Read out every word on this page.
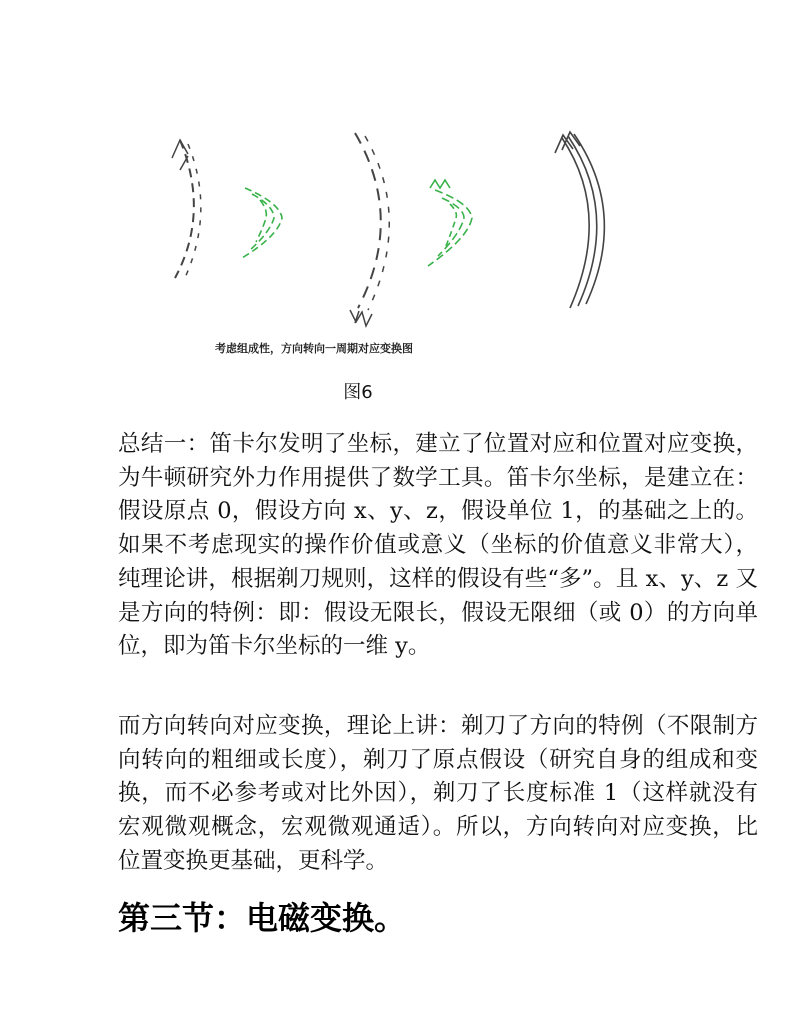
考虑组成性，方向转向一周期对应变换图
图6

总结一：笛卡尔发明了坐标，建立了位置对应和位置对应变换，为牛顿研究外力作用提供了数学工具。笛卡尔坐标，是建立在：假设原点 0，假设方向 x、y、z，假设单位 1，的基础之上的。如果不考虑现实的操作价值或意义（坐标的价值意义非常大），纯理论讲，根据剃刀规则，这样的假设有些“多”。且 x、y、z 又是方向的特例：即：假设无限长，假设无限细（或 0）的方向单位，即为笛卡尔坐标的一维 y。

而方向转向对应变换，理论上讲：剃刀了方向的特例（不限制方向转向的粗细或长度），剃刀了原点假设（研究自身的组成和变换，而不必参考或对比外因），剃刀了长度标准 1（这样就没有宏观微观概念，宏观微观通适）。所以，方向转向对应变换，比位置变换更基础，更科学。

第三节：电磁变换。
